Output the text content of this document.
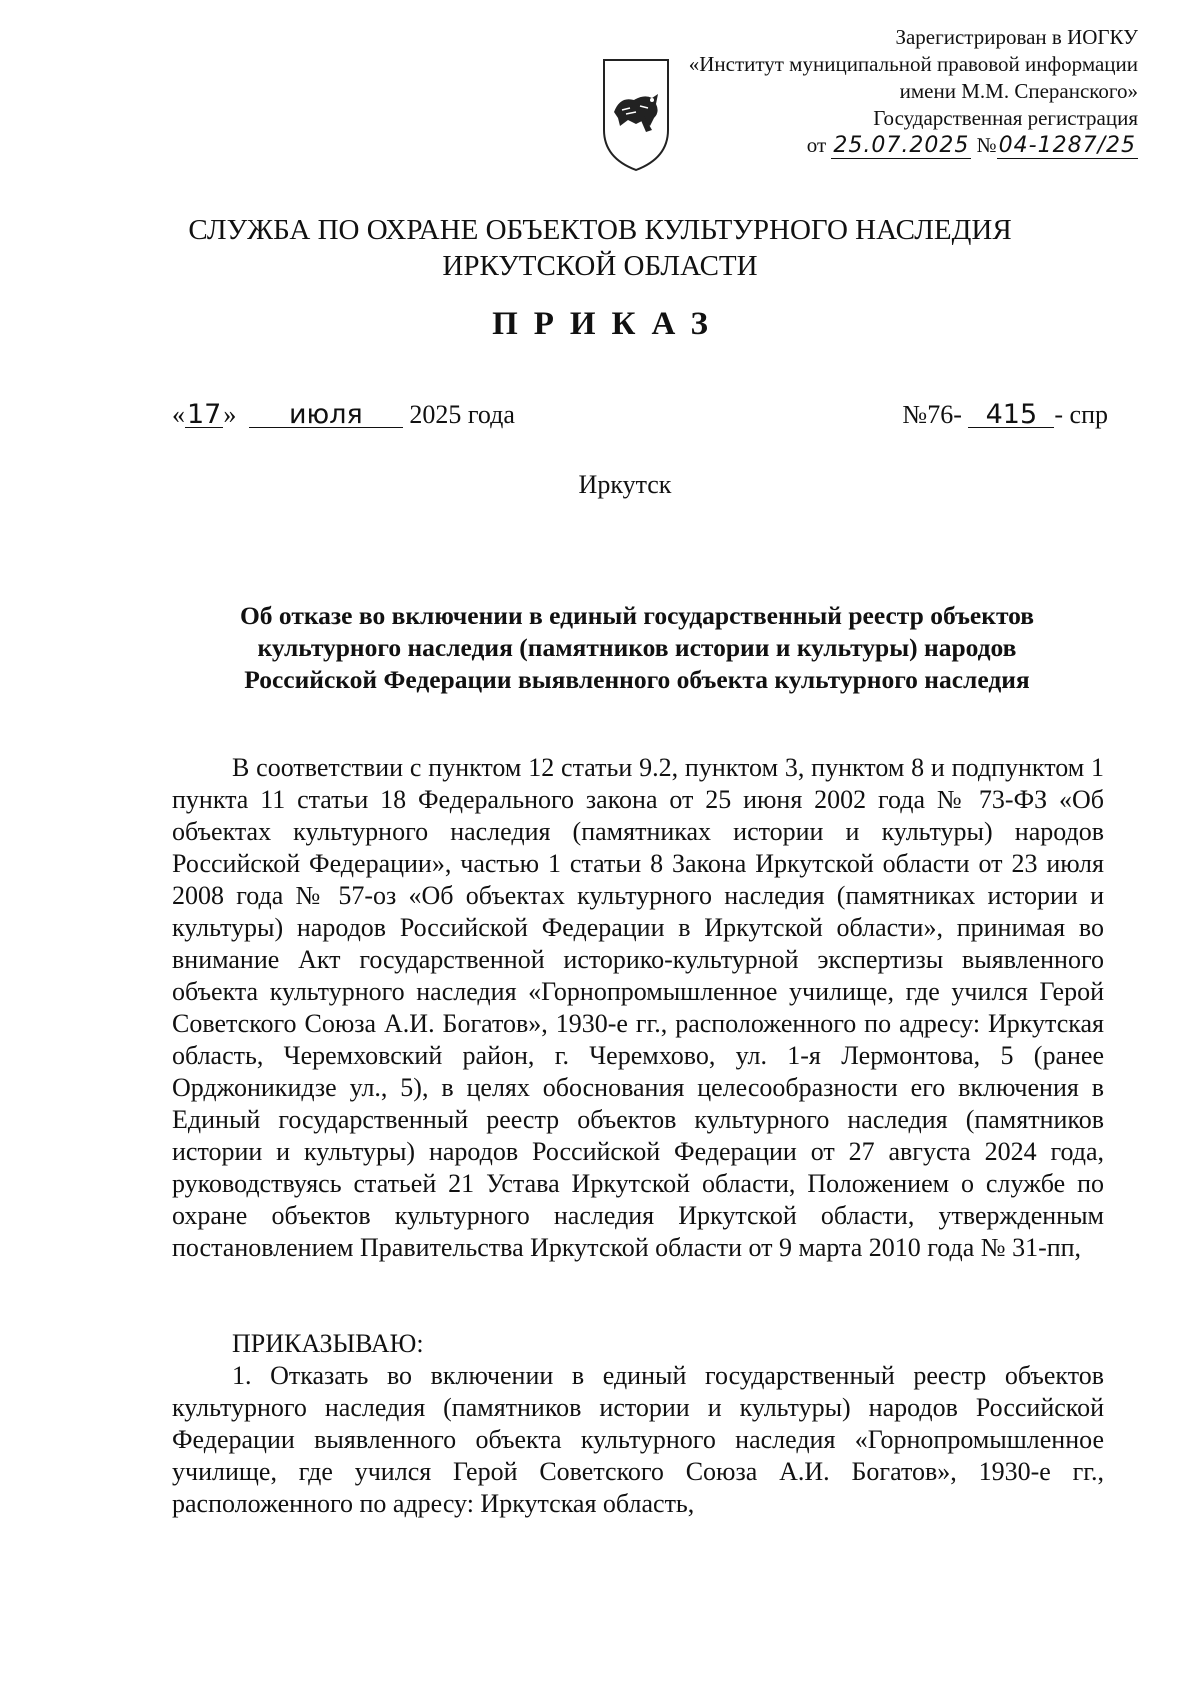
Зарегистрирован в ИОГКУ
«Институт муниципальной правовой информации
имени М.М. Сперанского»
Государственная регистрация
от 25.07.2025 №04-1287/25
СЛУЖБА ПО ОХРАНЕ ОБЪЕКТОВ КУЛЬТУРНОГО НАСЛЕДИЯ
ИРКУТСКОЙ ОБЛАСТИ
ПРИКАЗ
«17» июля 2025 года	№76- 415 - спр
Иркутск
Об отказе во включении в единый государственный реестр объектов
культурного наследия (памятников истории и культуры) народов
Российской Федерации выявленного объекта культурного наследия
В соответствии с пунктом 12 статьи 9.2, пунктом 3, пунктом 8 и подпунктом 1 пункта 11 статьи 18 Федерального закона от 25 июня 2002 года № 73-ФЗ «Об объектах культурного наследия (памятниках истории и культуры) народов Российской Федерации», частью 1 статьи 8 Закона Иркутской области от 23 июля 2008 года № 57-оз «Об объектах культурного наследия (памятниках истории и культуры) народов Российской Федерации в Иркутской области», принимая во внимание Акт государственной историко-культурной экспертизы выявленного объекта культурного наследия «Горнопромышленное училище, где учился Герой Советского Союза А.И. Богатов», 1930-е гг., расположенного по адресу: Иркутская область, Черемховский район, г. Черемхово, ул. 1-я Лермонтова, 5 (ранее Орджоникидзе ул., 5), в целях обоснования целесообразности его включения в Единый государственный реестр объектов культурного наследия (памятников истории и культуры) народов Российской Федерации от 27 августа 2024 года, руководствуясь статьей 21 Устава Иркутской области, Положением о службе по охране объектов культурного наследия Иркутской области, утвержденным постановлением Правительства Иркутской области от 9 марта 2010 года № 31-пп,
ПРИКАЗЫВАЮ:
1. Отказать во включении в единый государственный реестр объектов культурного наследия (памятников истории и культуры) народов Российской Федерации выявленного объекта культурного наследия «Горнопромышленное училище, где учился Герой Советского Союза А.И. Богатов», 1930-е гг., расположенного по адресу: Иркутская область,
